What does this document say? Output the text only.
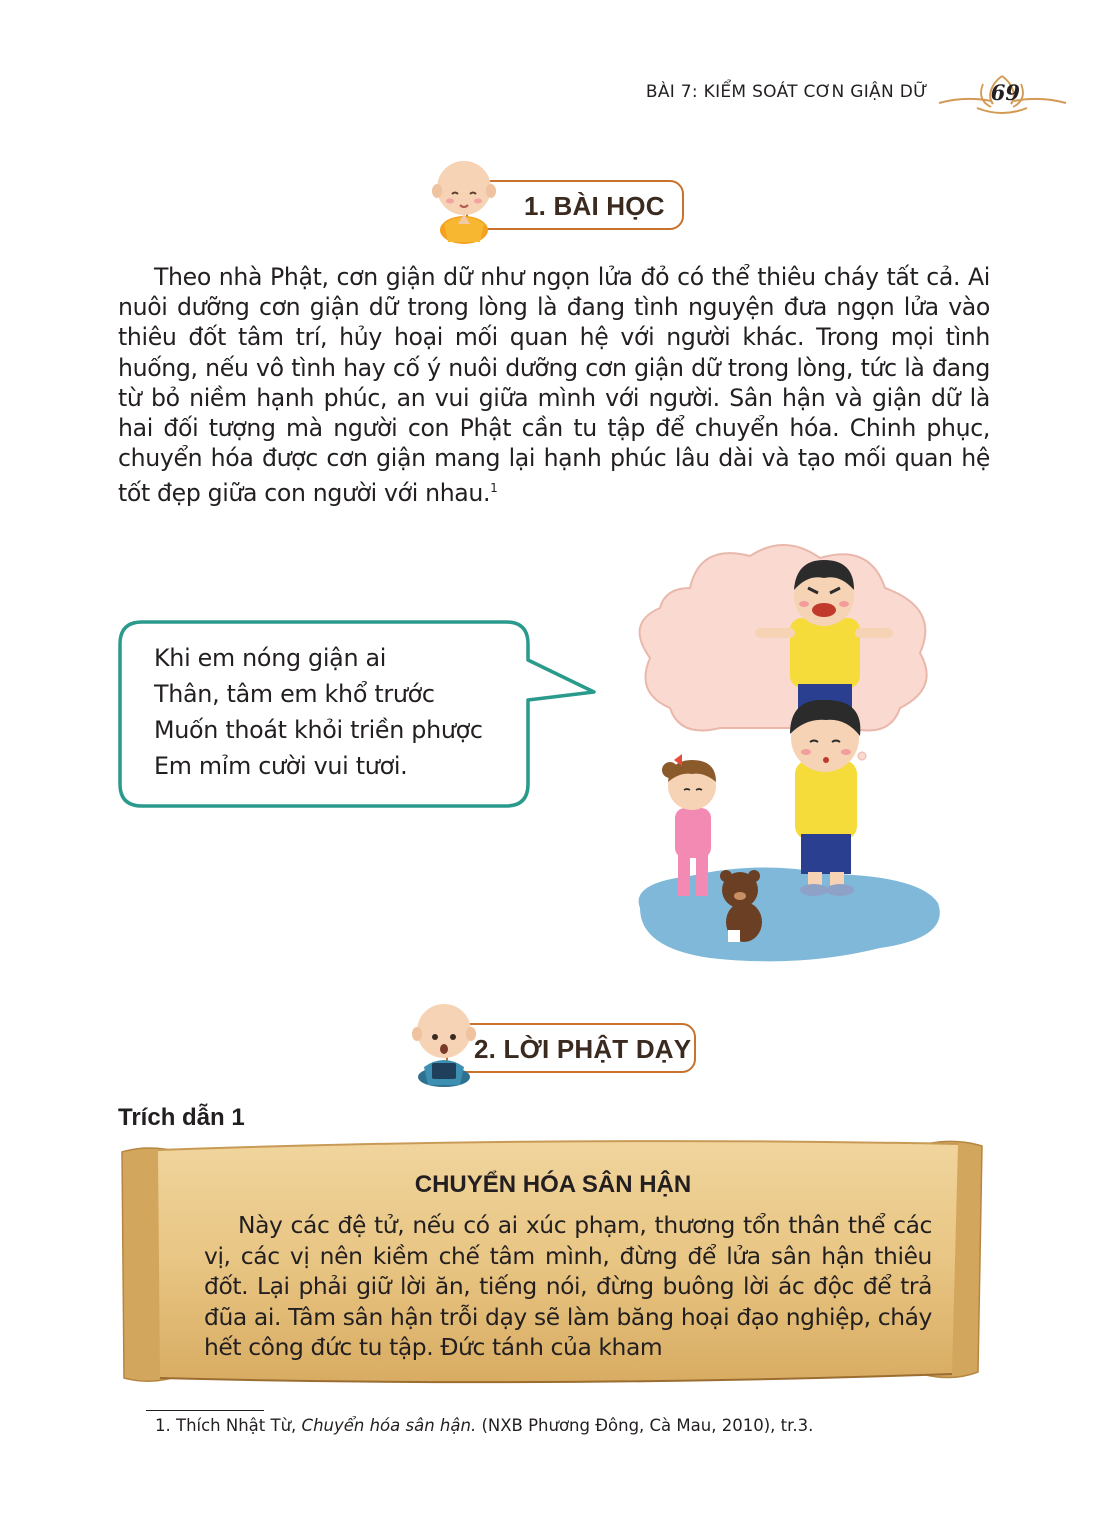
BÀI 7: KIỂM SOÁT CƠN GIẬN DỮ	69
1. BÀI HỌC
Theo nhà Phật, cơn giận dữ như ngọn lửa đỏ có thể thiêu cháy tất cả. Ai nuôi dưỡng cơn giận dữ trong lòng là đang tình nguyện đưa ngọn lửa vào thiêu đốt tâm trí, hủy hoại mối quan hệ với người khác. Trong mọi tình huống, nếu vô tình hay cố ý nuôi dưỡng cơn giận dữ trong lòng, tức là đang từ bỏ niềm hạnh phúc, an vui giữa mình với người. Sân hận và giận dữ là hai đối tượng mà người con Phật cần tu tập để chuyển hóa. Chinh phục, chuyển hóa được cơn giận mang lại hạnh phúc lâu dài và tạo mối quan hệ tốt đẹp giữa con người với nhau.$^1$
Khi em nóng giận ai
Thân, tâm em khổ trước
Muốn thoát khỏi triền phược
Em mỉm cười vui tươi.
2. LỜI PHẬT DẠY
Trích dẫn 1
CHUYỂN HÓA SÂN HẬN
Này các đệ tử, nếu có ai xúc phạm, thương tổn thân thể các vị, các vị nên kiềm chế tâm mình, đừng để lửa sân hận thiêu đốt. Lại phải giữ lời ăn, tiếng nói, đừng buông lời ác độc để trả đũa ai. Tâm sân hận trỗi dạy sẽ làm băng hoại đạo nghiệp, cháy hết công đức tu tập. Đức tánh của kham
1. Thích Nhật Từ, Chuyển hóa sân hận. (NXB Phương Đông, Cà Mau, 2010), tr.3.
